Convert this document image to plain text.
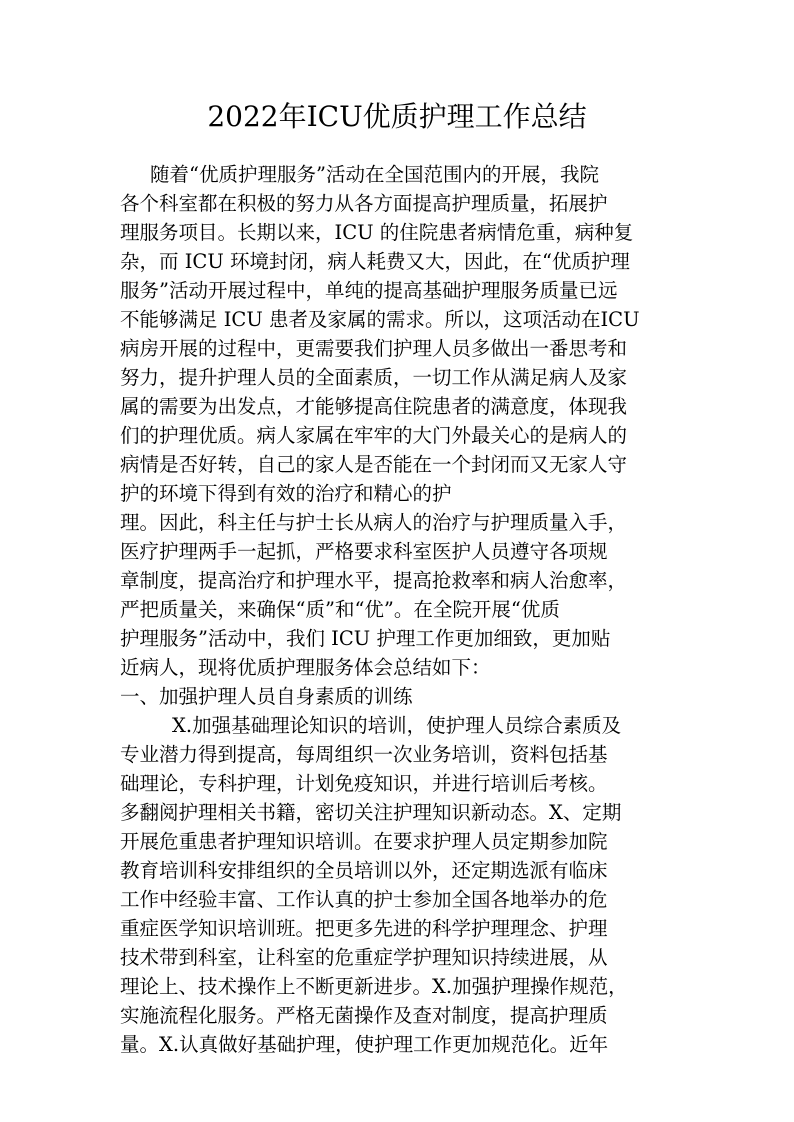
2022年ICU优质护理工作总结
随着“优质护理服务”活动在全国范围内的开展，我院
各个科室都在积极的努力从各方面提高护理质量，拓展护
理服务项目。长期以来，ICU 的住院患者病情危重，病种复
杂，而 ICU 环境封闭，病人耗费又大，因此，在“优质护理
服务”活动开展过程中，单纯的提高基础护理服务质量已远
不能够满足 ICU 患者及家属的需求。所以，这项活动在ICU
病房开展的过程中，更需要我们护理人员多做出一番思考和
努力，提升护理人员的全面素质，一切工作从满足病人及家
属的需要为出发点，才能够提高住院患者的满意度，体现我
们的护理优质。病人家属在牢牢的大门外最关心的是病人的
病情是否好转，自己的家人是否能在一个封闭而又无家人守
护的环境下得到有效的治疗和精心的护
理。因此，科主任与护士长从病人的治疗与护理质量入手，
医疗护理两手一起抓，严格要求科室医护人员遵守各项规
章制度，提高治疗和护理水平，提高抢救率和病人治愈率，
严把质量关，来确保“质”和“优”。在全院开展“优质
护理服务”活动中，我们 ICU 护理工作更加细致，更加贴
近病人，现将优质护理服务体会总结如下：
一、加强护理人员自身素质的训练
X.加强基础理论知识的培训，使护理人员综合素质及
专业潜力得到提高，每周组织一次业务培训，资料包括基
础理论，专科护理，计划免疫知识，并进行培训后考核。
多翻阅护理相关书籍，密切关注护理知识新动态。X、定期
开展危重患者护理知识培训。在要求护理人员定期参加院
教育培训科安排组织的全员培训以外，还定期选派有临床
工作中经验丰富、工作认真的护士参加全国各地举办的危
重症医学知识培训班。把更多先进的科学护理理念、护理
技术带到科室，让科室的危重症学护理知识持续进展，从
理论上、技术操作上不断更新进步。X.加强护理操作规范，
实施流程化服务。严格无菌操作及查对制度，提高护理质
量。X.认真做好基础护理，使护理工作更加规范化。近年
